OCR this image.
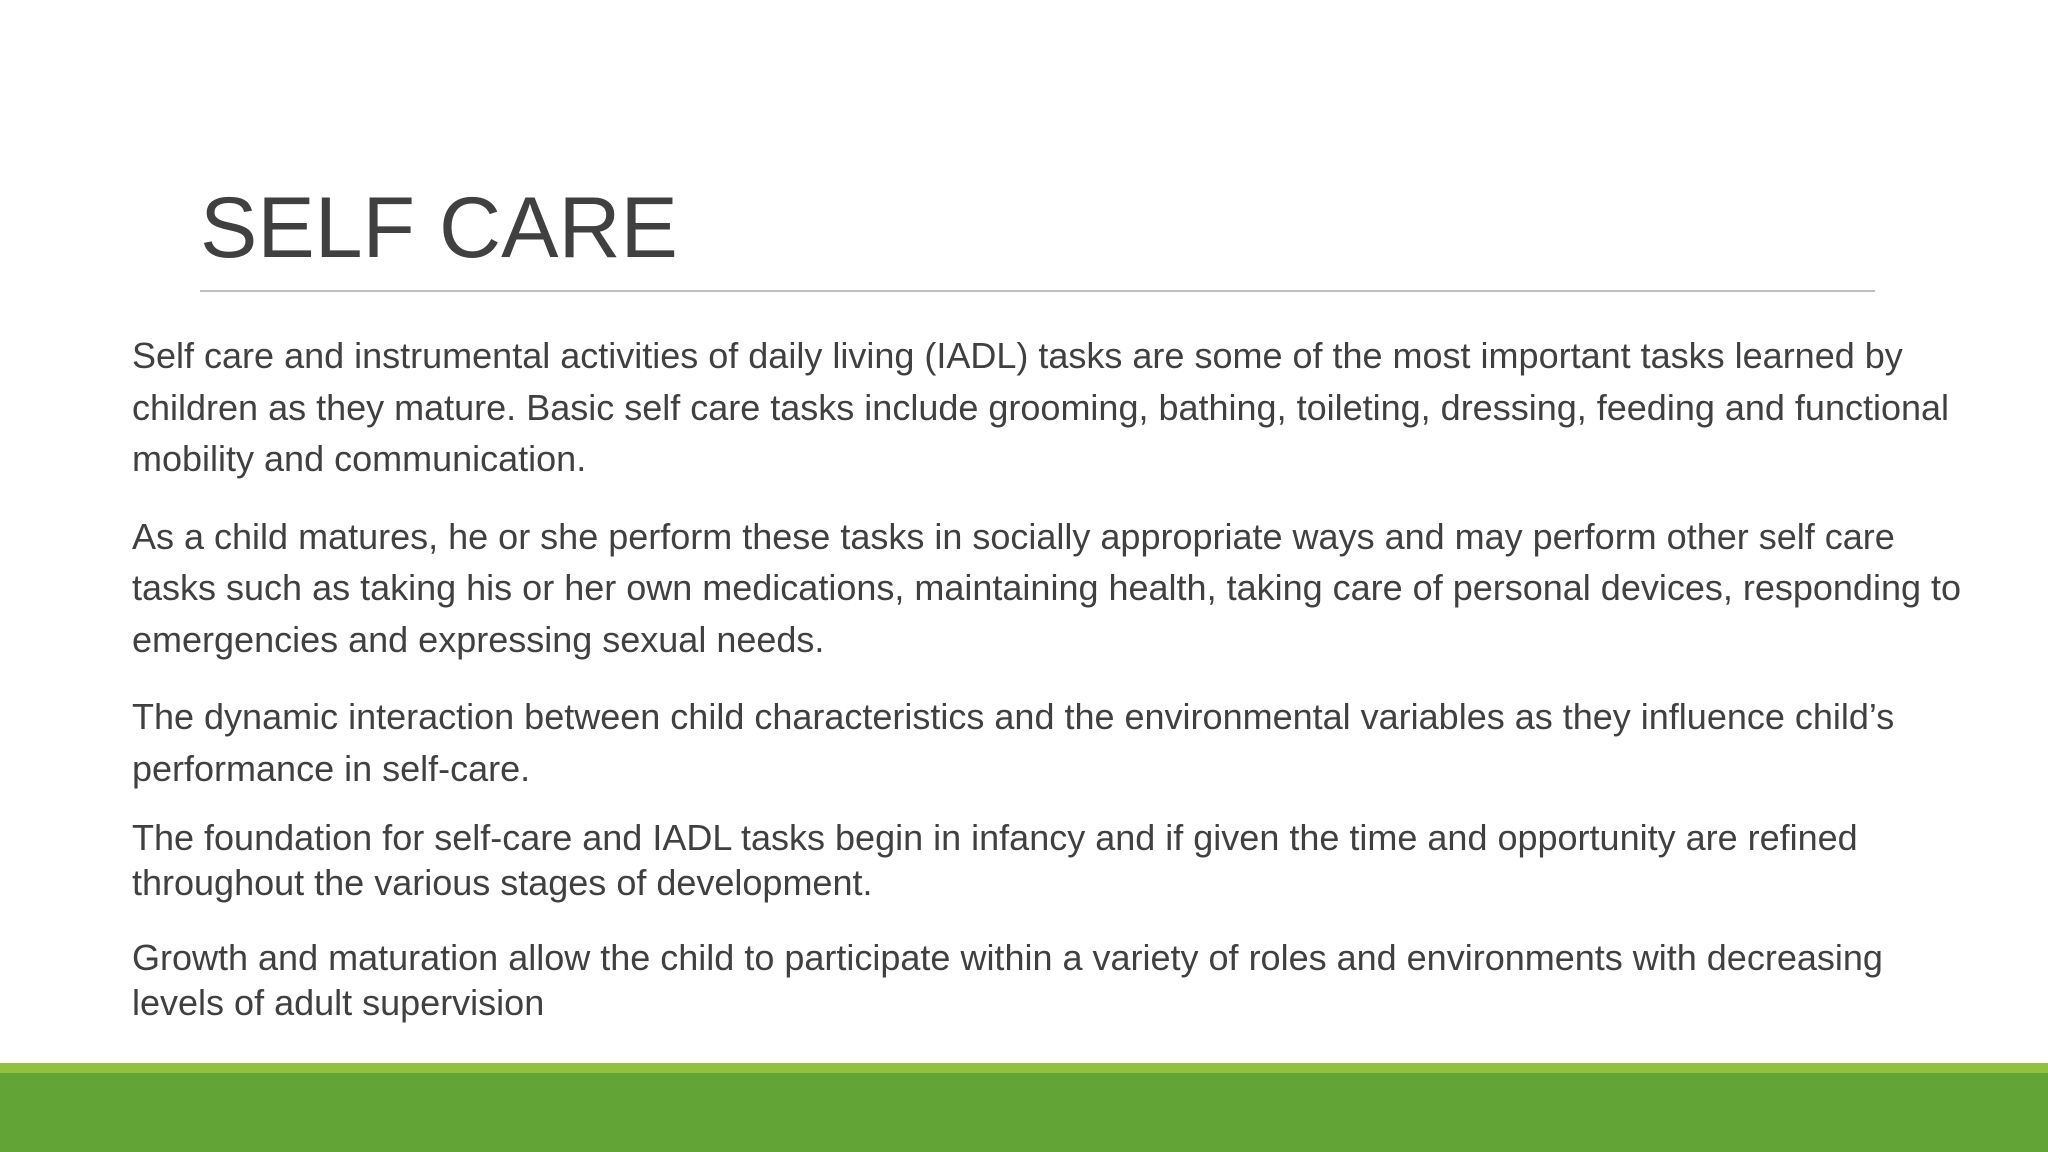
SELF CARE

Self care and instrumental activities of daily living (IADL) tasks are some of the most important tasks learned by children as they mature. Basic self care tasks include grooming, bathing, toileting, dressing, feeding and functional mobility and communication.

As a child matures, he or she perform these tasks in socially appropriate ways and may perform other self care tasks such as taking his or her own medications, maintaining health, taking care of personal devices, responding to emergencies and expressing sexual needs.

The dynamic interaction between child characteristics and the environmental variables as they influence child’s performance in self-care.

The foundation for self-care and IADL tasks begin in infancy and if given the time and opportunity are refined throughout the various stages of development.

Growth and maturation allow the child to participate within a variety of roles and environments with decreasing levels of adult supervision
